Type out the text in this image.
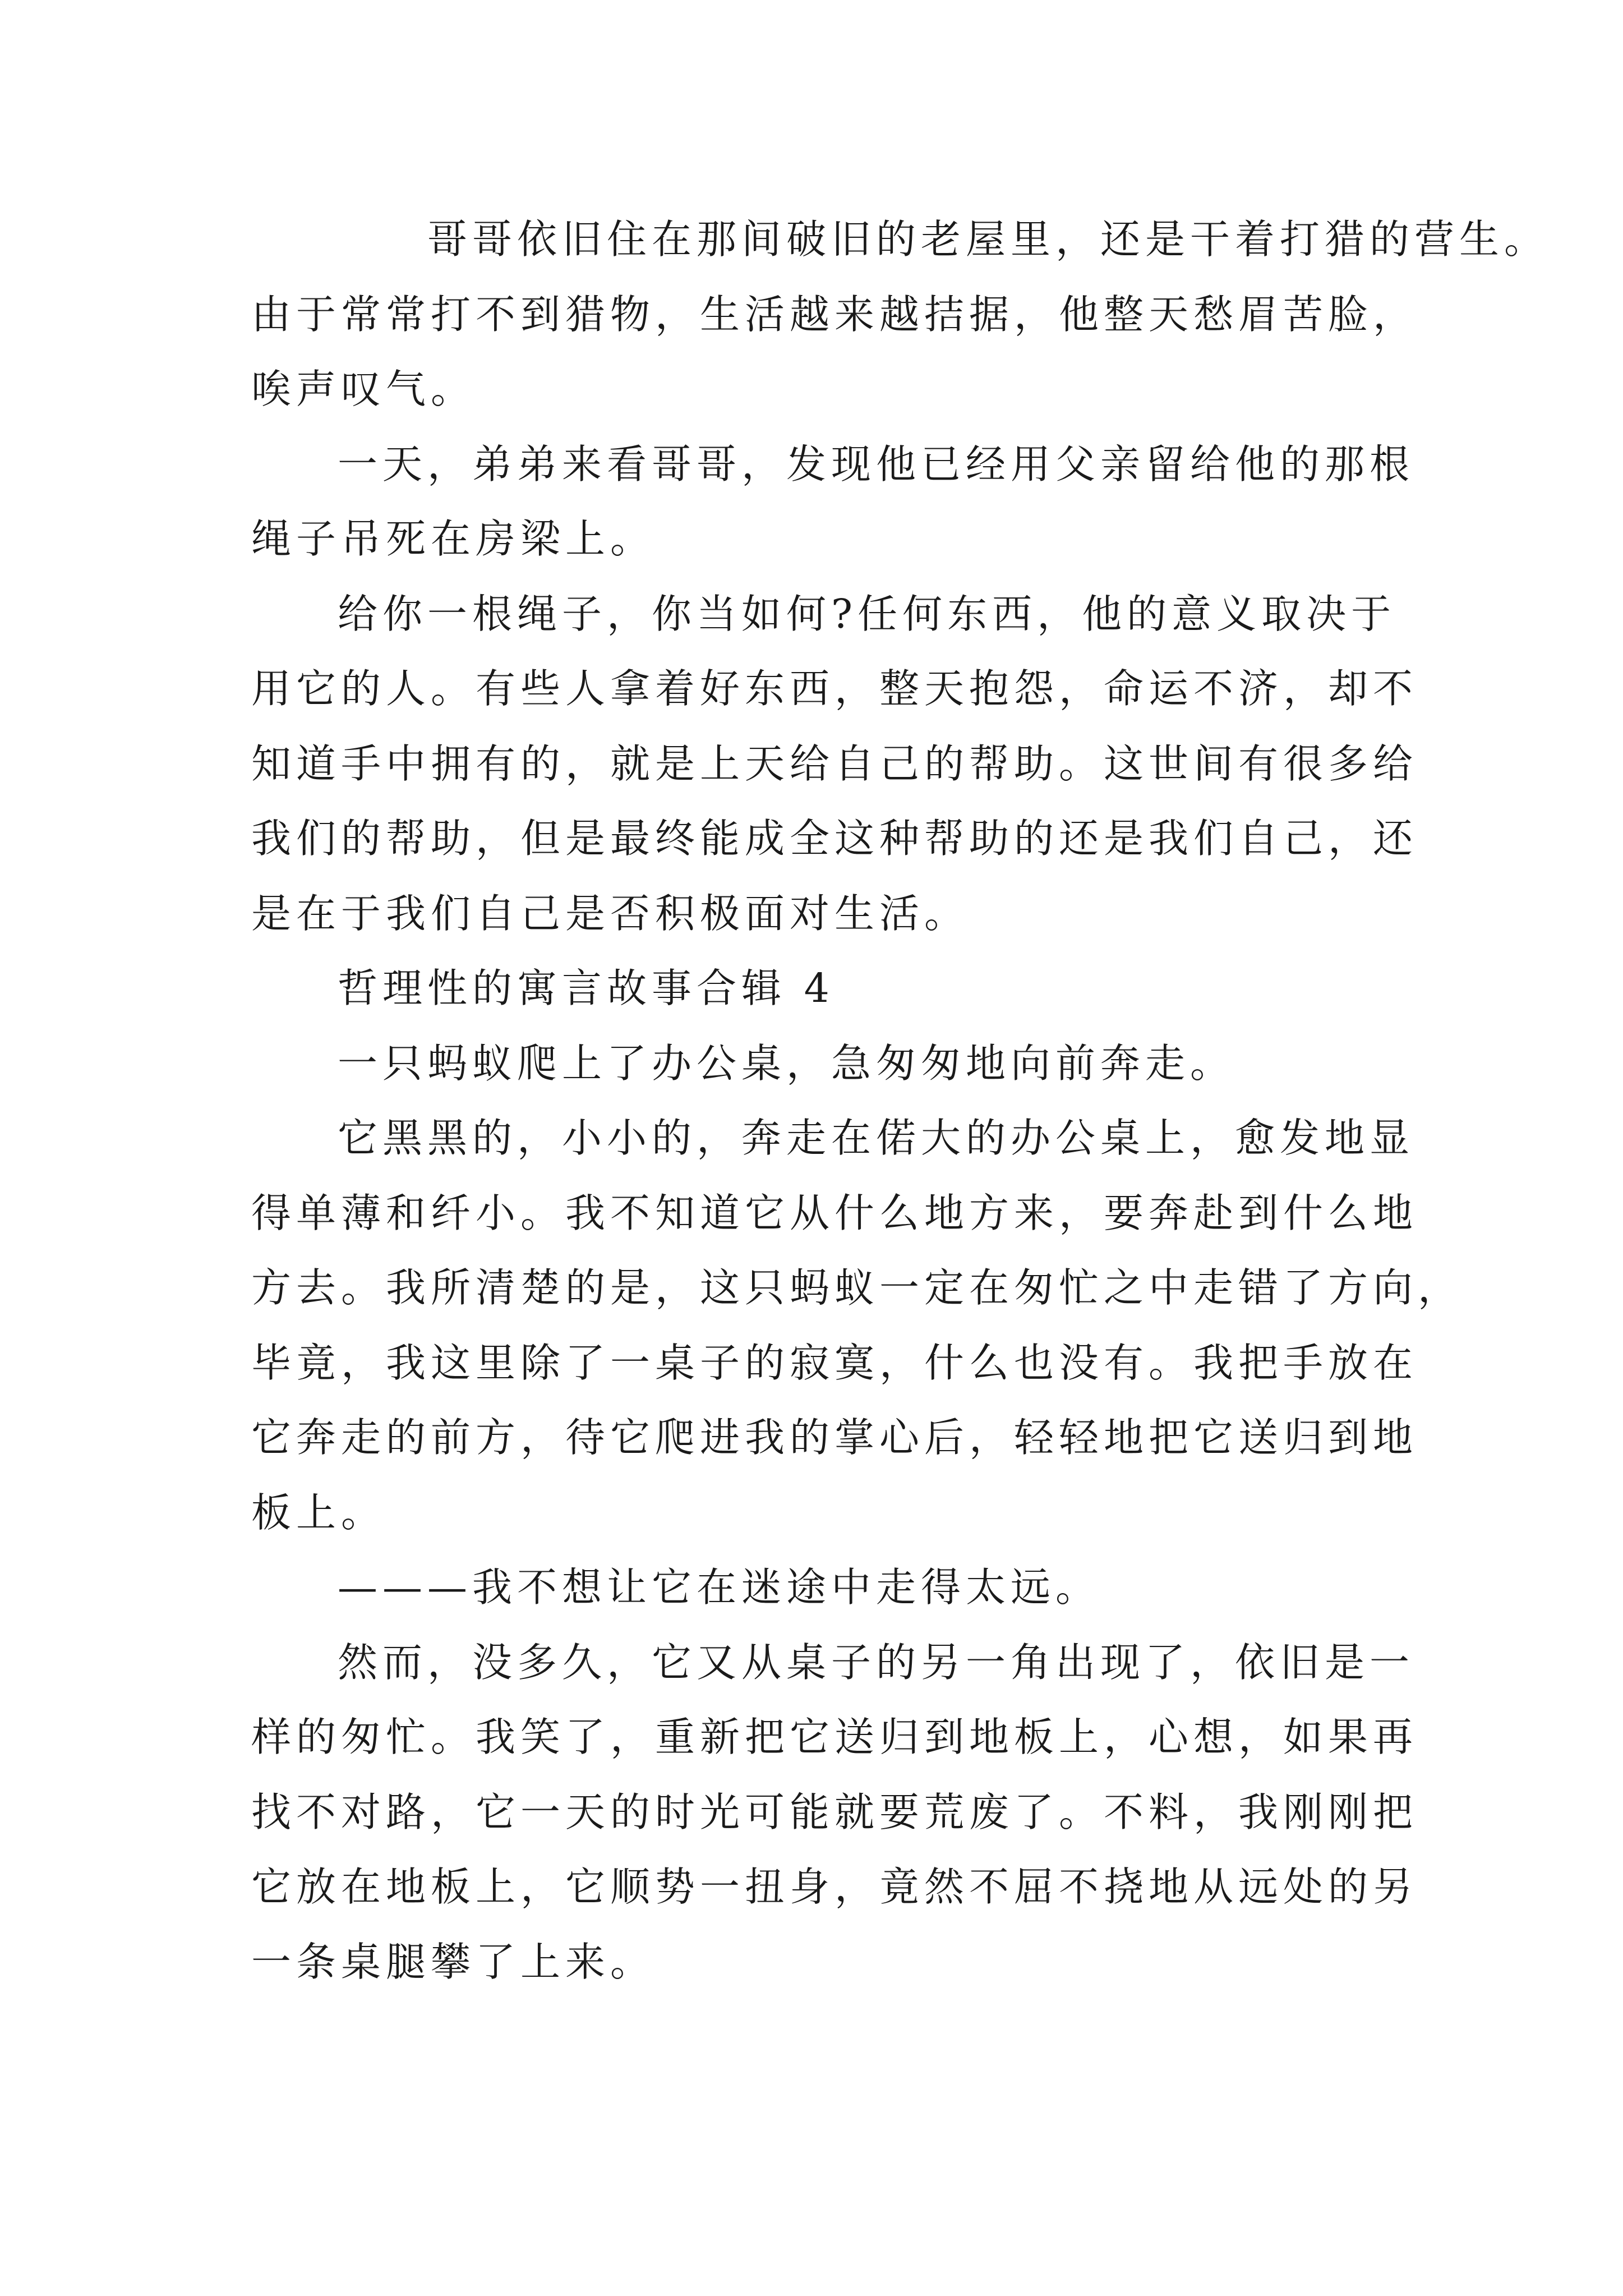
哥哥依旧住在那间破旧的老屋里，还是干着打猎的营生。
由于常常打不到猎物，生活越来越拮据，他整天愁眉苦脸，
唉声叹气。

一天，弟弟来看哥哥，发现他已经用父亲留给他的那根
绳子吊死在房梁上。

给你一根绳子，你当如何?任何东西，他的意义取决于
用它的人。有些人拿着好东西，整天抱怨，命运不济，却不
知道手中拥有的，就是上天给自己的帮助。这世间有很多给
我们的帮助，但是最终能成全这种帮助的还是我们自己，还
是在于我们自己是否积极面对生活。

哲理性的寓言故事合辑 4

一只蚂蚁爬上了办公桌，急匆匆地向前奔走。

它黑黑的，小小的，奔走在偌大的办公桌上，愈发地显
得单薄和纤小。我不知道它从什么地方来，要奔赴到什么地
方去。我所清楚的是，这只蚂蚁一定在匆忙之中走错了方向，
毕竟，我这里除了一桌子的寂寞，什么也没有。我把手放在
它奔走的前方，待它爬进我的掌心后，轻轻地把它送归到地
板上。

———我不想让它在迷途中走得太远。

然而，没多久，它又从桌子的另一角出现了，依旧是一
样的匆忙。我笑了，重新把它送归到地板上，心想，如果再
找不对路，它一天的时光可能就要荒废了。不料，我刚刚把
它放在地板上，它顺势一扭身，竟然不屈不挠地从远处的另
一条桌腿攀了上来。
